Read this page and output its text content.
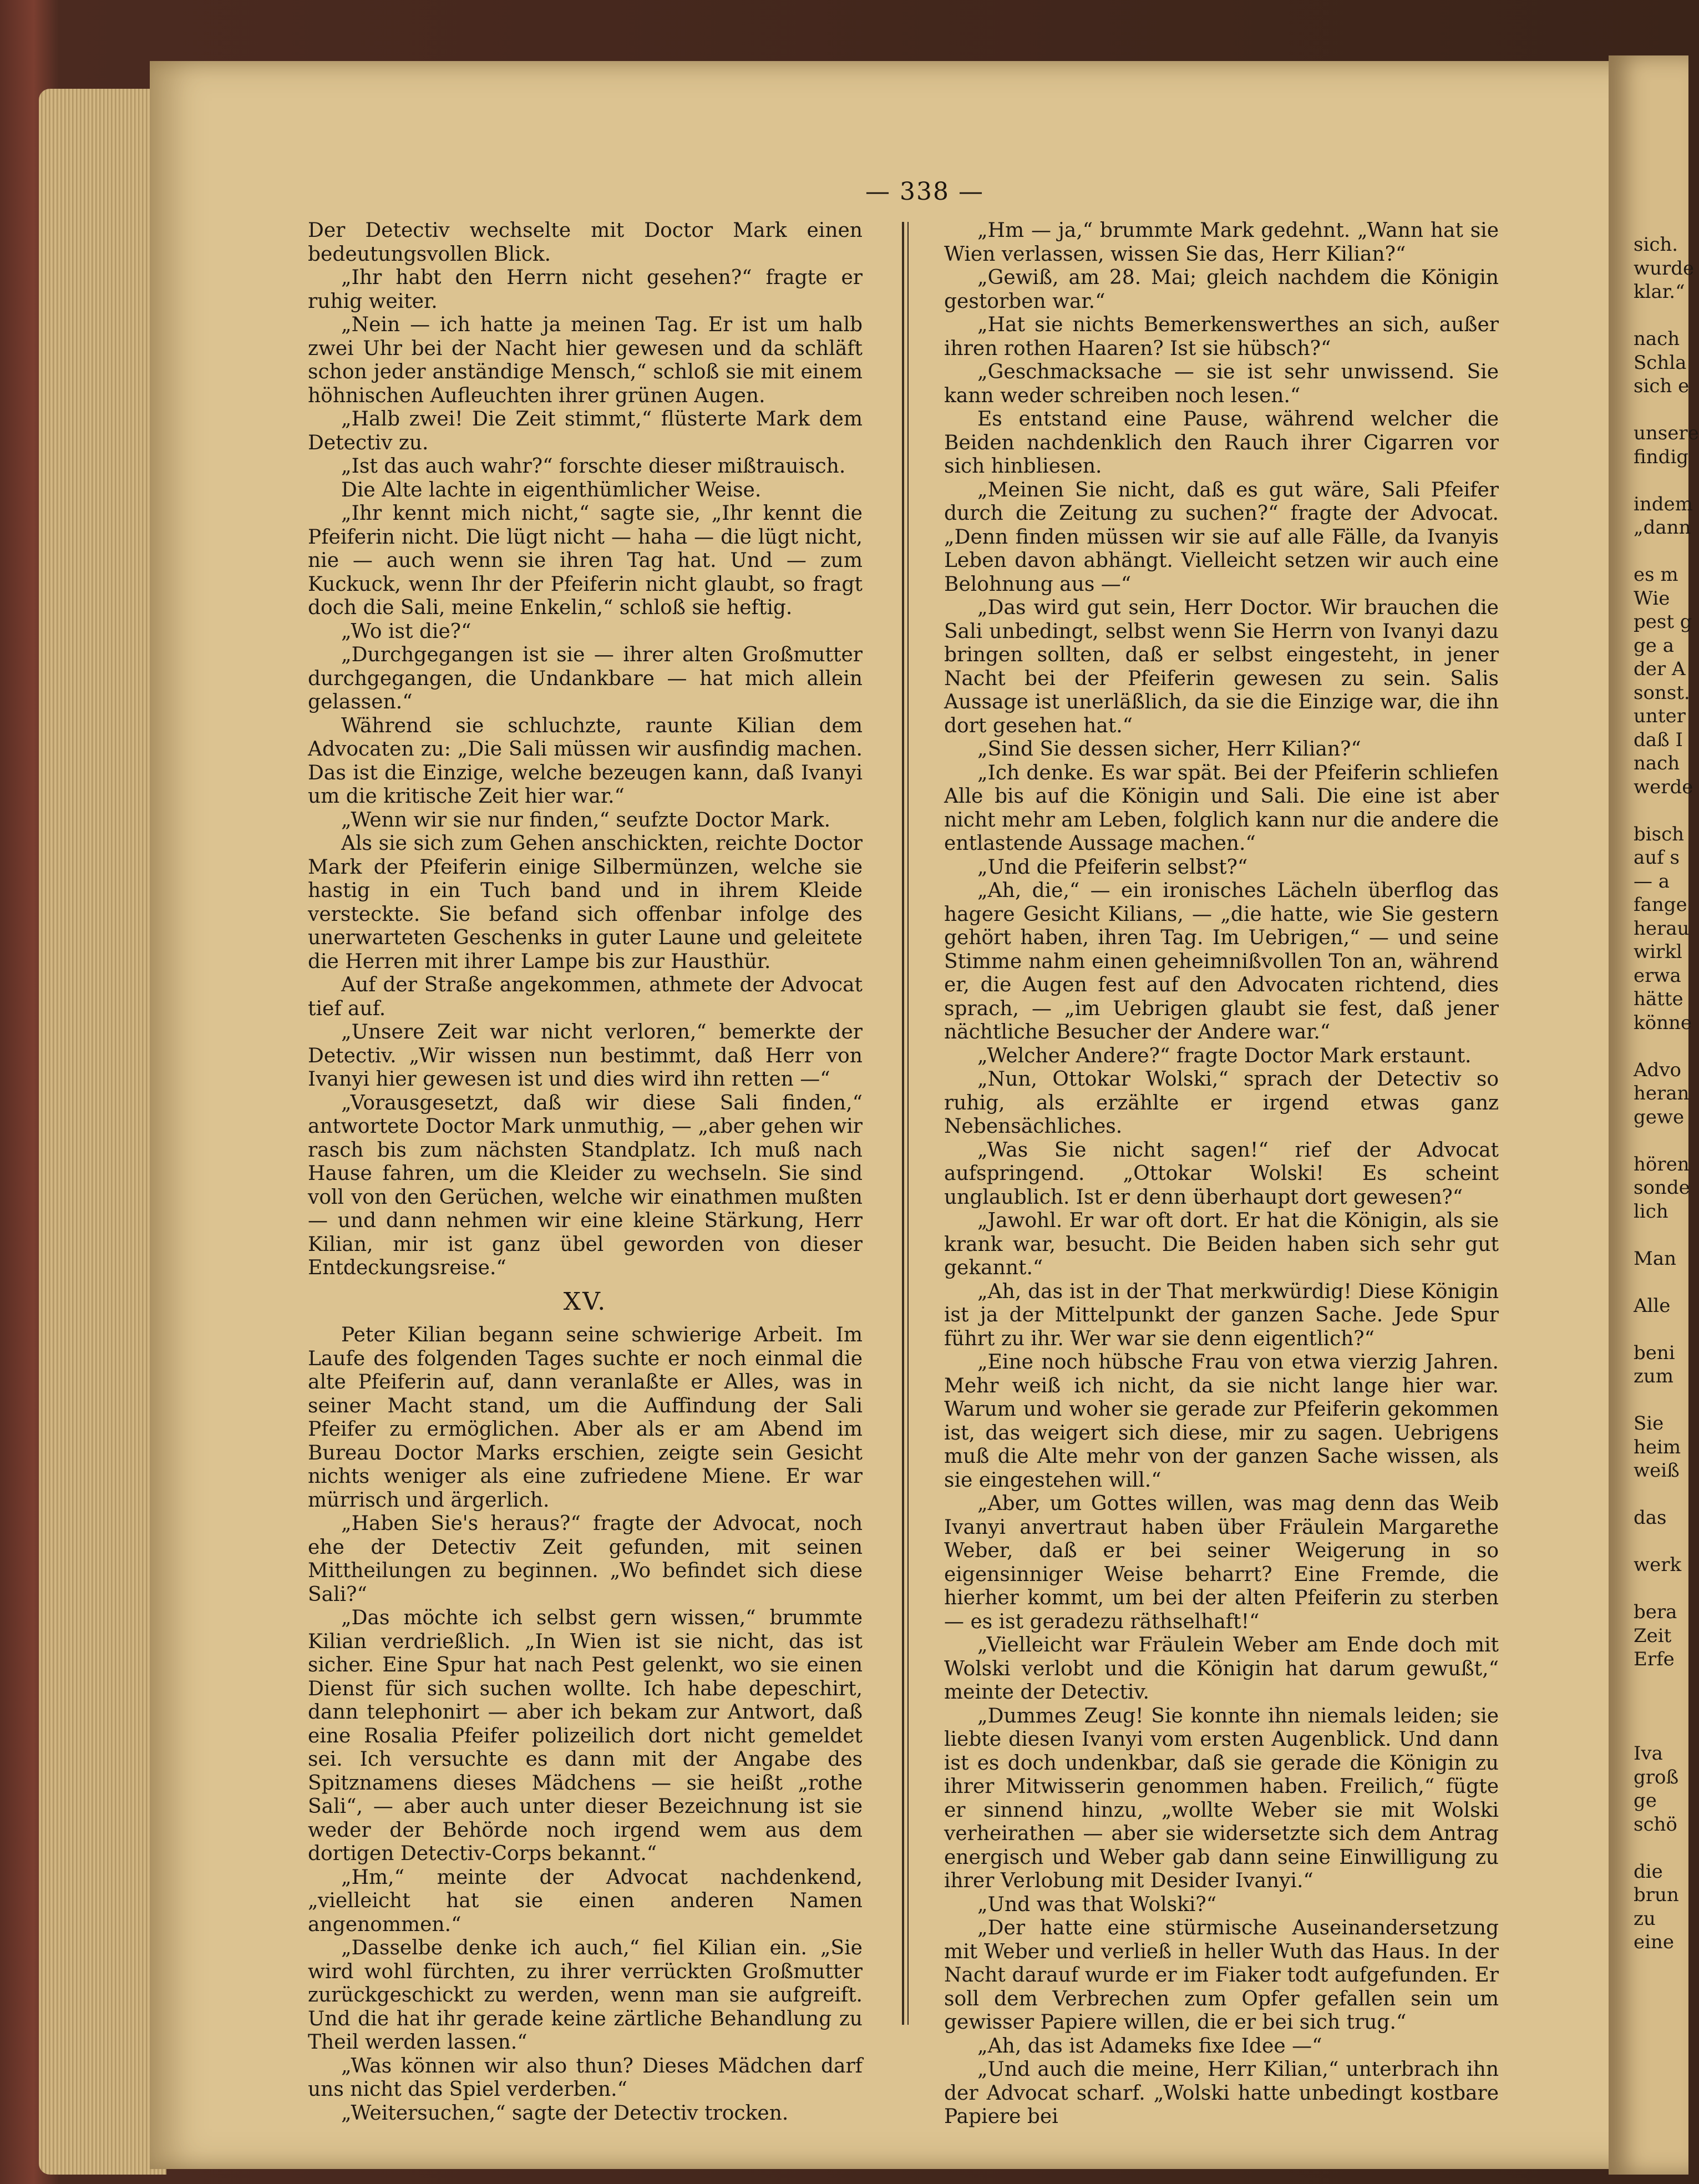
— 338 —

Der Detectiv wechselte mit Doctor Mark einen bedeutungsvollen Blick.

„Ihr habt den Herrn nicht gesehen?“ fragte er ruhig weiter.

„Nein — ich hatte ja meinen Tag. Er ist um halb zwei Uhr bei der Nacht hier gewesen und da schläft schon jeder anständige Mensch,“ schloß sie mit einem höhnischen Aufleuchten ihrer grünen Augen.

„Halb zwei! Die Zeit stimmt,“ flüsterte Mark dem Detectiv zu.

„Ist das auch wahr?“ forschte dieser mißtrauisch.

Die Alte lachte in eigenthümlicher Weise.

„Ihr kennt mich nicht,“ sagte sie, „Ihr kennt die Pfeiferin nicht. Die lügt nicht — haha — die lügt nicht, nie — auch wenn sie ihren Tag hat. Und — zum Kuckuck, wenn Ihr der Pfeiferin nicht glaubt, so fragt doch die Sali, meine Enkelin,“ schloß sie heftig.

„Wo ist die?“

„Durchgegangen ist sie — ihrer alten Großmutter durchgegangen, die Undankbare — hat mich allein gelassen.“

Während sie schluchzte, raunte Kilian dem Advocaten zu: „Die Sali müssen wir ausfindig machen. Das ist die Einzige, welche bezeugen kann, daß Ivanyi um die kritische Zeit hier war.“

„Wenn wir sie nur finden,“ seufzte Doctor Mark.

Als sie sich zum Gehen anschickten, reichte Doctor Mark der Pfeiferin einige Silbermünzen, welche sie hastig in ein Tuch band und in ihrem Kleide versteckte. Sie befand sich offenbar infolge des unerwarteten Geschenks in guter Laune und geleitete die Herren mit ihrer Lampe bis zur Hausthür.

Auf der Straße angekommen, athmete der Advocat tief auf.

„Unsere Zeit war nicht verloren,“ bemerkte der Detectiv. „Wir wissen nun bestimmt, daß Herr von Ivanyi hier gewesen ist und dies wird ihn retten —“

„Vorausgesetzt, daß wir diese Sali finden,“ antwortete Doctor Mark unmuthig, — „aber gehen wir rasch bis zum nächsten Standplatz. Ich muß nach Hause fahren, um die Kleider zu wechseln. Sie sind voll von den Gerüchen, welche wir einathmen mußten — und dann nehmen wir eine kleine Stärkung, Herr Kilian, mir ist ganz übel geworden von dieser Entdeckungsreise.“

XV.

Peter Kilian begann seine schwierige Arbeit. Im Laufe des folgenden Tages suchte er noch einmal die alte Pfeiferin auf, dann veranlaßte er Alles, was in seiner Macht stand, um die Auffindung der Sali Pfeifer zu ermöglichen. Aber als er am Abend im Bureau Doctor Marks erschien, zeigte sein Gesicht nichts weniger als eine zufriedene Miene. Er war mürrisch und ärgerlich.

„Haben Sie's heraus?“ fragte der Advocat, noch ehe der Detectiv Zeit gefunden, mit seinen Mittheilungen zu beginnen. „Wo befindet sich diese Sali?“

„Das möchte ich selbst gern wissen,“ brummte Kilian verdrießlich. „In Wien ist sie nicht, das ist sicher. Eine Spur hat nach Pest gelenkt, wo sie einen Dienst für sich suchen wollte. Ich habe depeschirt, dann telephonirt — aber ich bekam zur Antwort, daß eine Rosalia Pfeifer polizeilich dort nicht gemeldet sei. Ich versuchte es dann mit der Angabe des Spitznamens dieses Mädchens — sie heißt „rothe Sali“, — aber auch unter dieser Bezeichnung ist sie weder der Behörde noch irgend wem aus dem dortigen Detectiv-Corps bekannt.“

„Hm,“ meinte der Advocat nachdenkend, „vielleicht hat sie einen anderen Namen angenommen.“

„Dasselbe denke ich auch,“ fiel Kilian ein. „Sie wird wohl fürchten, zu ihrer verrückten Großmutter zurückgeschickt zu werden, wenn man sie aufgreift. Und die hat ihr gerade keine zärtliche Behandlung zu Theil werden lassen.“

„Was können wir also thun? Dieses Mädchen darf uns nicht das Spiel verderben.“

„Weitersuchen,“ sagte der Detectiv trocken.

„Hm — ja,“ brummte Mark gedehnt. „Wann hat sie Wien verlassen, wissen Sie das, Herr Kilian?“

„Gewiß, am 28. Mai; gleich nachdem die Königin gestorben war.“

„Hat sie nichts Bemerkenswerthes an sich, außer ihren rothen Haaren? Ist sie hübsch?“

„Geschmacksache — sie ist sehr unwissend. Sie kann weder schreiben noch lesen.“

Es entstand eine Pause, während welcher die Beiden nachdenklich den Rauch ihrer Cigarren vor sich hinbliesen.

„Meinen Sie nicht, daß es gut wäre, Sali Pfeifer durch die Zeitung zu suchen?“ fragte der Advocat. „Denn finden müssen wir sie auf alle Fälle, da Ivanyis Leben davon abhängt. Vielleicht setzen wir auch eine Belohnung aus —“

„Das wird gut sein, Herr Doctor. Wir brauchen die Sali unbedingt, selbst wenn Sie Herrn von Ivanyi dazu bringen sollten, daß er selbst eingesteht, in jener Nacht bei der Pfeiferin gewesen zu sein. Salis Aussage ist unerläßlich, da sie die Einzige war, die ihn dort gesehen hat.“

„Sind Sie dessen sicher, Herr Kilian?“

„Ich denke. Es war spät. Bei der Pfeiferin schliefen Alle bis auf die Königin und Sali. Die eine ist aber nicht mehr am Leben, folglich kann nur die andere die entlastende Aussage machen.“

„Und die Pfeiferin selbst?“

„Ah, die,“ — ein ironisches Lächeln überflog das hagere Gesicht Kilians, — „die hatte, wie Sie gestern gehört haben, ihren Tag. Im Uebrigen,“ — und seine Stimme nahm einen geheimnißvollen Ton an, während er, die Augen fest auf den Advocaten richtend, dies sprach, — „im Uebrigen glaubt sie fest, daß jener nächtliche Besucher der Andere war.“

„Welcher Andere?“ fragte Doctor Mark erstaunt.

„Nun, Ottokar Wolski,“ sprach der Detectiv so ruhig, als erzählte er irgend etwas ganz Nebensächliches.

„Was Sie nicht sagen!“ rief der Advocat aufspringend. „Ottokar Wolski! Es scheint unglaublich. Ist er denn überhaupt dort gewesen?“

„Jawohl. Er war oft dort. Er hat die Königin, als sie krank war, besucht. Die Beiden haben sich sehr gut gekannt.“

„Ah, das ist in der That merkwürdig! Diese Königin ist ja der Mittelpunkt der ganzen Sache. Jede Spur führt zu ihr. Wer war sie denn eigentlich?“

„Eine noch hübsche Frau von etwa vierzig Jahren. Mehr weiß ich nicht, da sie nicht lange hier war. Warum und woher sie gerade zur Pfeiferin gekommen ist, das weigert sich diese, mir zu sagen. Uebrigens muß die Alte mehr von der ganzen Sache wissen, als sie eingestehen will.“

„Aber, um Gottes willen, was mag denn das Weib Ivanyi anvertraut haben über Fräulein Margarethe Weber, daß er bei seiner Weigerung in so eigensinniger Weise beharrt? Eine Fremde, die hierher kommt, um bei der alten Pfeiferin zu sterben — es ist geradezu räthselhaft!“

„Vielleicht war Fräulein Weber am Ende doch mit Wolski verlobt und die Königin hat darum gewußt,“ meinte der Detectiv.

„Dummes Zeug! Sie konnte ihn niemals leiden; sie liebte diesen Ivanyi vom ersten Augenblick. Und dann ist es doch undenkbar, daß sie gerade die Königin zu ihrer Mitwisserin genommen haben. Freilich,“ fügte er sinnend hinzu, „wollte Weber sie mit Wolski verheirathen — aber sie widersetzte sich dem Antrag energisch und Weber gab dann seine Einwilligung zu ihrer Verlobung mit Desider Ivanyi.“

„Und was that Wolski?“

„Der hatte eine stürmische Auseinandersetzung mit Weber und verließ in heller Wuth das Haus. In der Nacht darauf wurde er im Fiaker todt aufgefunden. Er soll dem Verbrechen zum Opfer gefallen sein um gewisser Papiere willen, die er bei sich trug.“

„Ah, das ist Adameks fixe Idee —“

„Und auch die meine, Herr Kilian,“ unterbrach ihn der Advocat scharf. „Wolski hatte unbedingt kostbare Papiere bei

sich.
wurde
klar.“
nach
Schla
sich e
unsere
findig
indem
„dann
es m
Wie
pest g
ge a
der A
sonst.
unter
daß I
nach
werde
bisch
auf s
— a
fange
herau
wirkl
erwa
hätte
könne
Advo
heran
gewe
hören
sonde
lich
Man
Alle
beni
zum
Sie
heim
weiß
das
werk
bera
Zeit
Erfe
Iva
groß
ge
schö
die
brun
zu
eine
